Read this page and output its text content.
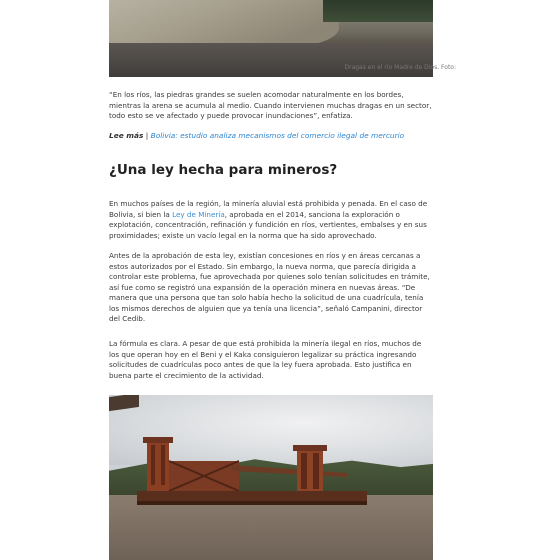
Dragas en el río Madre de Dios. Foto:

“En los ríos, las piedras grandes se suelen acomodar naturalmente en los bordes, mientras la arena se acumula al medio. Cuando intervienen muchas dragas en un sector, todo esto se ve afectado y puede provocar inundaciones”, enfatiza.

Lee más | Bolivia: estudio analiza mecanismos del comercio ilegal de mercurio
¿Una ley hecha para mineros?

En muchos países de la región, la minería aluvial está prohibida y penada. En el caso de Bolivia, si bien la Ley de Minería, aprobada en el 2014, sanciona la exploración o explotación, concentración, refinación y fundición en ríos, vertientes, embalses y en sus proximidades; existe un vacío legal en la norma que ha sido aprovechado.

Antes de la aprobación de esta ley, existían concesiones en ríos y en áreas cercanas a estos autorizados por el Estado. Sin embargo, la nueva norma, que parecía dirigida a controlar este problema, fue aprovechada por quienes solo tenían solicitudes en trámite, así fue como se registró una expansión de la operación minera en nuevas áreas. “De manera que una persona que tan solo había hecho la solicitud de una cuadrícula, tenía los mismos derechos de alguien que ya tenía una licencia”, señaló Campanini, director del Cedib.

La fórmula es clara. A pesar de que está prohibida la minería ilegal en ríos, muchos de los que operan hoy en el Beni y el Kaka consiguieron legalizar su práctica ingresando solicitudes de cuadrículas poco antes de que la ley fuera aprobada. Esto justifica en buena parte el crecimiento de la actividad.
